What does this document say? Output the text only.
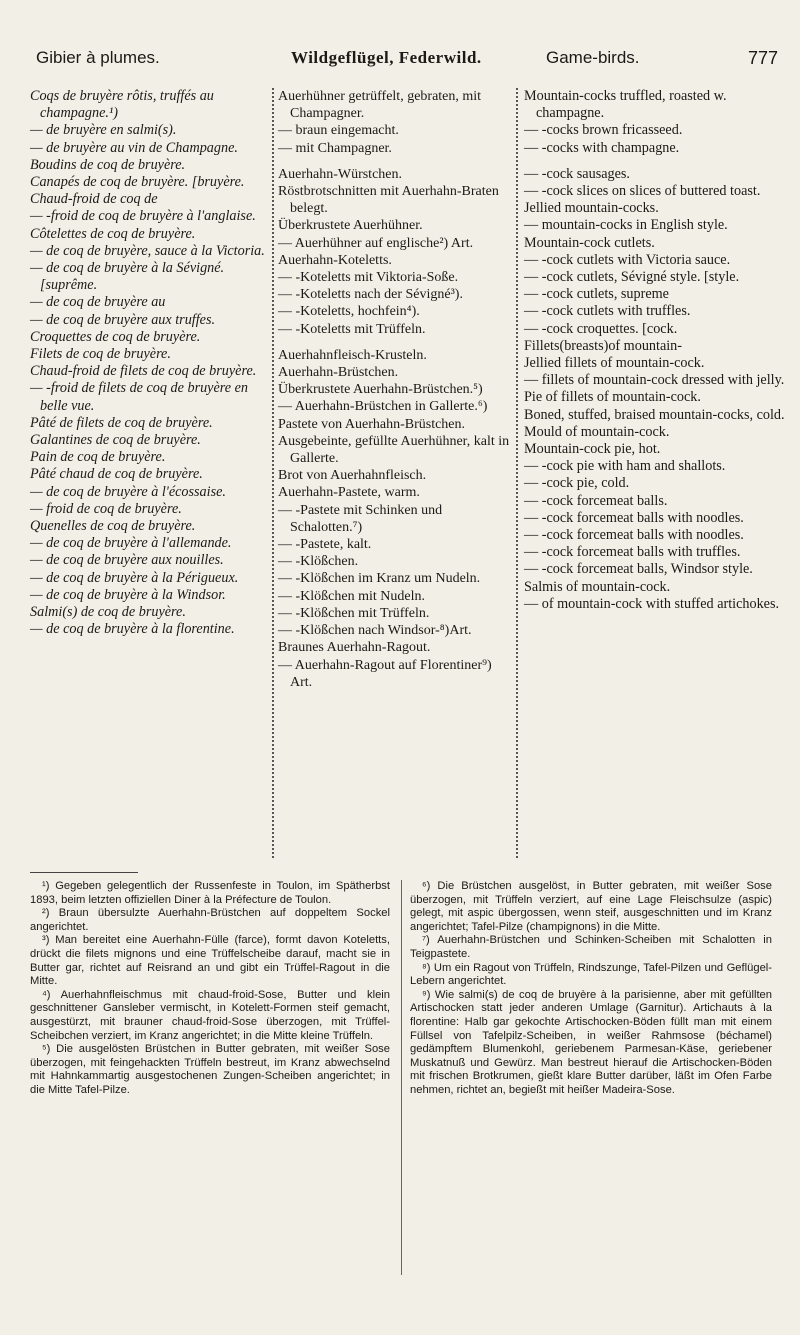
Gibier à plumes.	Wildgeflügel, Federwild.	Game-birds.	777

Coqs de bruyère rôtis, truffés au champagne.¹)

— de bruyère en salmi(s).

— de bruyère au vin de Champagne.

Boudins de coq de bruyère.

Canapés de coq de bruyère. [bruyère.

Chaud-froid de coq de

— -froid de coq de bruyère à l'anglaise.

Côtelettes de coq de bruyère.

— de coq de bruyère, sauce à la Victoria.

— de coq de bruyère à la Sévigné. [suprême.

— de coq de bruyère au

— de coq de bruyère aux truffes.

Croquettes de coq de bruyère.

Filets de coq de bruyère.

Chaud-froid de filets de coq de bruyère.

— -froid de filets de coq de bruyère en belle vue.

Pâté de filets de coq de bruyère.

Galantines de coq de bruyère.

Pain de coq de bruyère.

Pâté chaud de coq de bruyère.

— de coq de bruyère à l'écossaise.

— froid de coq de bruyère.

Quenelles de coq de bruyère.

— de coq de bruyère à l'allemande.

— de coq de bruyère aux nouilles.

— de coq de bruyère à la Périgueux.

— de coq de bruyère à la Windsor.

Salmi(s) de coq de bruyère.

— de coq de bruyère à la florentine.

Auerhühner getrüffelt, gebraten, mit Champagner.

— braun eingemacht.

— mit Champagner.

Auerhahn-Würstchen.

Röstbrotschnitten mit Auerhahn-Braten belegt.

Überkrustete Auerhühner.

— Auerhühner auf englische²) Art.

Auerhahn-Koteletts.

— -Koteletts mit Viktoria-Soße.

— -Koteletts nach der Sévigné³).

— -Koteletts, hochfein⁴).

— -Koteletts mit Trüffeln.

Auerhahnfleisch-Krusteln.

Auerhahn-Brüstchen.

Überkrustete Auerhahn-Brüstchen.⁵)

— Auerhahn-Brüstchen in Gallerte.⁶)

Pastete von Auerhahn-Brüstchen.

Ausgebeinte, gefüllte Auerhühner, kalt in Gallerte.

Brot von Auerhahnfleisch.

Auerhahn-Pastete, warm.

— -Pastete mit Schinken und Schalotten.⁷)

— -Pastete, kalt.

— -Klößchen.

— -Klößchen im Kranz um Nudeln.

— -Klößchen mit Nudeln.

— -Klößchen mit Trüffeln.

— -Klößchen nach Windsor-⁸)Art.

Braunes Auerhahn-Ragout.

— Auerhahn-Ragout auf Florentiner⁹) Art.

Mountain-cocks truffled, roasted w. champagne.

— -cocks brown fricasseed.

— -cocks with champagne.

— -cock sausages.

— -cock slices on slices of buttered toast.

Jellied mountain-cocks.

— mountain-cocks in English style.

Mountain-cock cutlets.

— -cock cutlets with Victoria sauce.

— -cock cutlets, Sévigné style. [style.

— -cock cutlets, supreme

— -cock cutlets with truffles.

— -cock croquettes. [cock.

Fillets(breasts)of mountain-

Jellied fillets of mountain-cock.

— fillets of mountain-cock dressed with jelly.

Pie of fillets of mountain-cock.

Boned, stuffed, braised mountain-cocks, cold.

Mould of mountain-cock.

Mountain-cock pie, hot.

— -cock pie with ham and shallots.

— -cock pie, cold.

— -cock forcemeat balls.

— -cock forcemeat balls with noodles.

— -cock forcemeat balls with noodles.

— -cock forcemeat balls with truffles.

— -cock forcemeat balls, Windsor style.

Salmis of mountain-cock.

— of mountain-cock with stuffed artichokes.

¹) Gegeben gelegentlich der Russenfeste in Toulon, im Spätherbst 1893, beim letzten offiziellen Diner à la Préfecture de Toulon.

²) Braun übersulzte Auerhahn-Brüstchen auf doppeltem Sockel angerichtet.

³) Man bereitet eine Auerhahn-Fülle (farce), formt davon Koteletts, drückt die filets mignons und eine Trüffelscheibe darauf, macht sie in Butter gar, richtet auf Reisrand an und gibt ein Trüffel-Ragout in die Mitte.

⁴) Auerhahnfleischmus mit chaud-froid-Sose, Butter und klein geschnittener Gansleber vermischt, in Kotelett-Formen steif gemacht, ausgestürzt, mit brauner chaud-froid-Sose überzogen, mit Trüffel-Scheibchen verziert, im Kranz angerichtet; in die Mitte kleine Trüffeln.

⁵) Die ausgelösten Brüstchen in Butter gebraten, mit weißer Sose überzogen, mit feingehackten Trüffeln bestreut, im Kranz abwechselnd mit Hahnkammartig ausgestochenen Zungen-Scheiben angerichtet; in die Mitte Tafel-Pilze.

⁶) Die Brüstchen ausgelöst, in Butter gebraten, mit weißer Sose überzogen, mit Trüffeln verziert, auf eine Lage Fleischsulze (aspic) gelegt, mit aspic übergossen, wenn steif, ausgeschnitten und im Kranz angerichtet; Tafel-Pilze (champignons) in die Mitte.

⁷) Auerhahn-Brüstchen und Schinken-Scheiben mit Schalotten in Teigpastete.

⁸) Um ein Ragout von Trüffeln, Rindszunge, Tafel-Pilzen und Geflügel-Lebern angerichtet.

⁹) Wie salmi(s) de coq de bruyère à la parisienne, aber mit gefüllten Artischocken statt jeder anderen Umlage (Garnitur). Artichauts à la florentine: Halb gar gekochte Artischocken-Böden füllt man mit einem Füllsel von Tafelpilz-Scheiben, in weißer Rahmsose (béchamel) gedämpftem Blumenkohl, geriebenem Parmesan-Käse, geriebener Muskatnuß und Gewürz. Man bestreut hierauf die Artischocken-Böden mit frischen Brotkrumen, gießt klare Butter darüber, läßt im Ofen Farbe nehmen, richtet an, begießt mit heißer Madeira-Sose.
